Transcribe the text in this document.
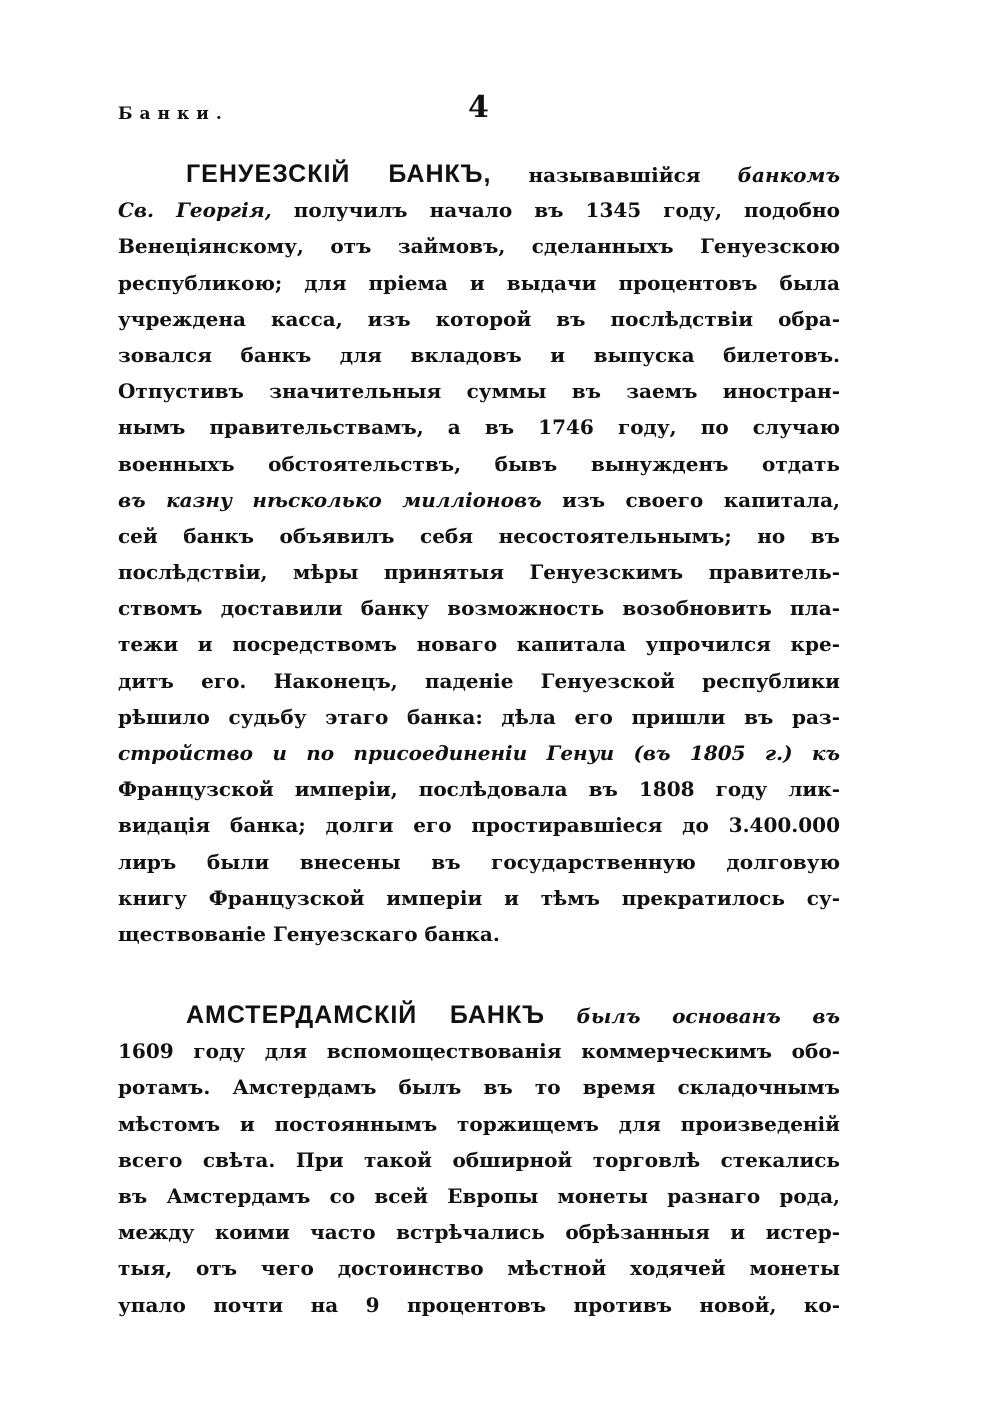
Банки.	4
ГЕНУЕЗСКІЙ БАНКЪ, называвшійся банкомъ
Св. Георгія, получилъ начало въ 1345 году, подобно
Венеціянскому, отъ займовъ, сделанныхъ Генуезскою
республикою; для пріема и выдачи процентовъ была
учреждена касса, изъ которой въ послѣдствіи обра-
зовался банкъ для вкладовъ и выпуска билетовъ.
Отпустивъ значительныя суммы въ заемъ иностран-
нымъ правительствамъ, а въ 1746 году, по случаю
военныхъ обстоятельствъ, бывъ вынужденъ отдать
въ казну нѣсколько милліоновъ изъ своего капитала,
сей банкъ объявилъ себя несостоятельнымъ; но въ
послѣдствіи, мѣры принятыя Генуезскимъ правитель-
ствомъ доставили банку возможность возобновить пла-
тежи и посредствомъ новаго капитала упрочился кре-
дитъ его. Наконецъ, паденіе Генуезской республики
рѣшило судьбу этаго банка: дѣла его пришли въ раз-
стройство и по присоединеніи Генуи (въ 1805 г.) къ
Французской имперіи, послѣдовала въ 1808 году лик-
видація банка; долги его простиравшіеся до 3.400.000
лиръ были внесены въ государственную долговую
книгу Французской имперіи и тѣмъ прекратилось су-
ществованіе Генуезскаго банка.
АМСТЕРДАМСКІЙ БАНКЪ былъ основанъ въ
1609 году для вспомоществованія коммерческимъ обо-
ротамъ. Амстердамъ былъ въ то время складочнымъ
мѣстомъ и постояннымъ торжищемъ для произведеній
всего свѣта. При такой обширной торговлѣ стекались
въ Амстердамъ со всей Европы монеты разнаго рода,
между коими часто встрѣчались обрѣзанныя и истер-
тыя, отъ чего достоинство мѣстной ходячей монеты
упало почти на 9 процентовъ противъ новой, ко-
